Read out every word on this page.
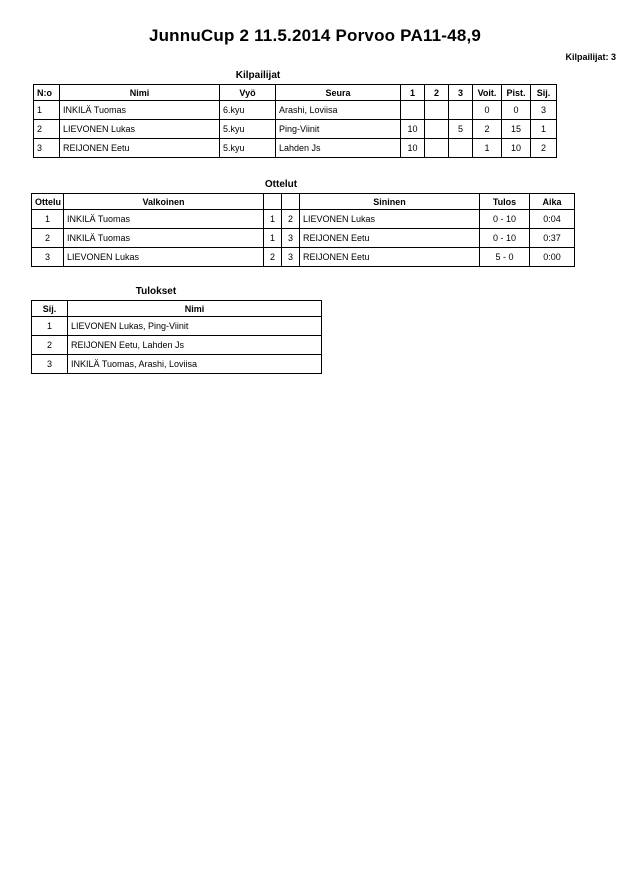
JunnuCup 2 11.5.2014 Porvoo PA11-48,9
Kilpailijat: 3
Kilpailijat
N:o	Nimi	Vyö	Seura	1	2	3	Voit.	Pist.	Sij.
1	INKILÄ Tuomas	6.kyu	Arashi, Loviisa				0	0	3
2	LIEVONEN Lukas	5.kyu	Ping-Viinit	10		5	2	15	1
3	REIJONEN Eetu	5.kyu	Lahden Js	10			1	10	2
Ottelut
Ottelu	Valkoinen			Sininen	Tulos	Aika
1	INKILÄ Tuomas	1	2	LIEVONEN Lukas	0 - 10	0:04
2	INKILÄ Tuomas	1	3	REIJONEN Eetu	0 - 10	0:37
3	LIEVONEN Lukas	2	3	REIJONEN Eetu	5 - 0	0:00
Tulokset
Sij.	Nimi
1	LIEVONEN Lukas, Ping-Viinit
2	REIJONEN Eetu, Lahden Js
3	INKILÄ Tuomas, Arashi, Loviisa
